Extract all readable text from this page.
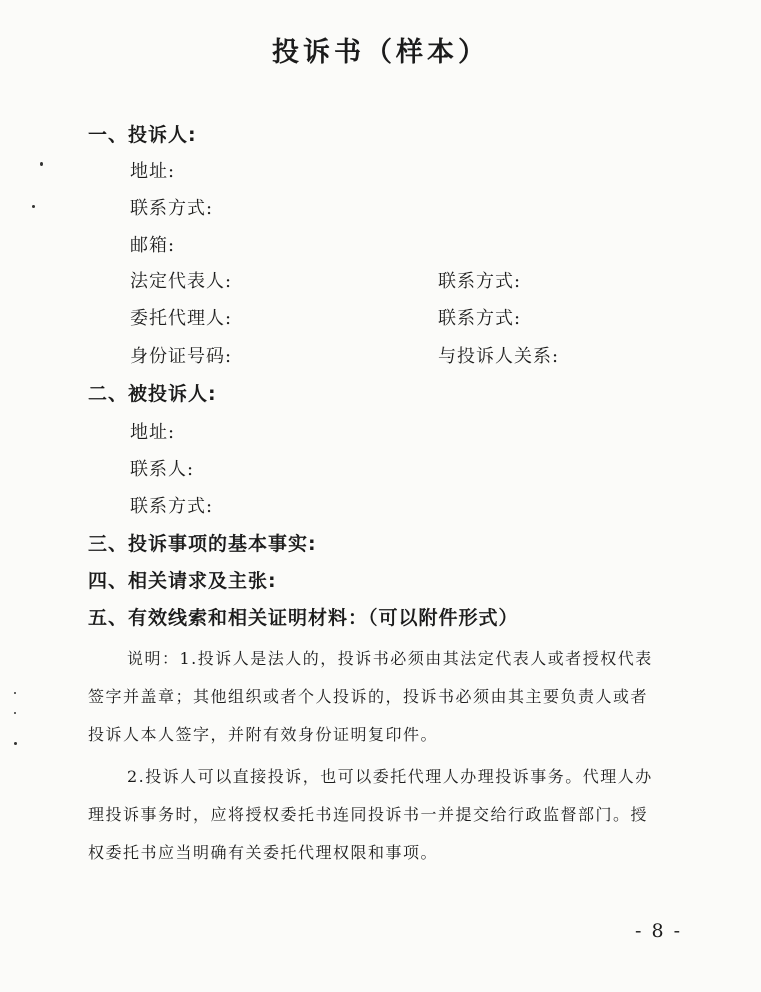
投诉书（样本）
一、投诉人:
地址:
联系方式:
邮箱:
法定代表人:	联系方式:
委托代理人:	联系方式:
身份证号码:	与投诉人关系:
二、被投诉人:
地址:
联系人:
联系方式:
三、投诉事项的基本事实:
四、相关请求及主张:
五、有效线索和相关证明材料：（可以附件形式）
说明：1.投诉人是法人的，投诉书必须由其法定代表人或者授权代表
签字并盖章；其他组织或者个人投诉的，投诉书必须由其主要负责人或者
投诉人本人签字，并附有效身份证明复印件。
2.投诉人可以直接投诉，也可以委托代理人办理投诉事务。代理人办
理投诉事务时，应将授权委托书连同投诉书一并提交给行政监督部门。授
权委托书应当明确有关委托代理权限和事项。
- 8 -
